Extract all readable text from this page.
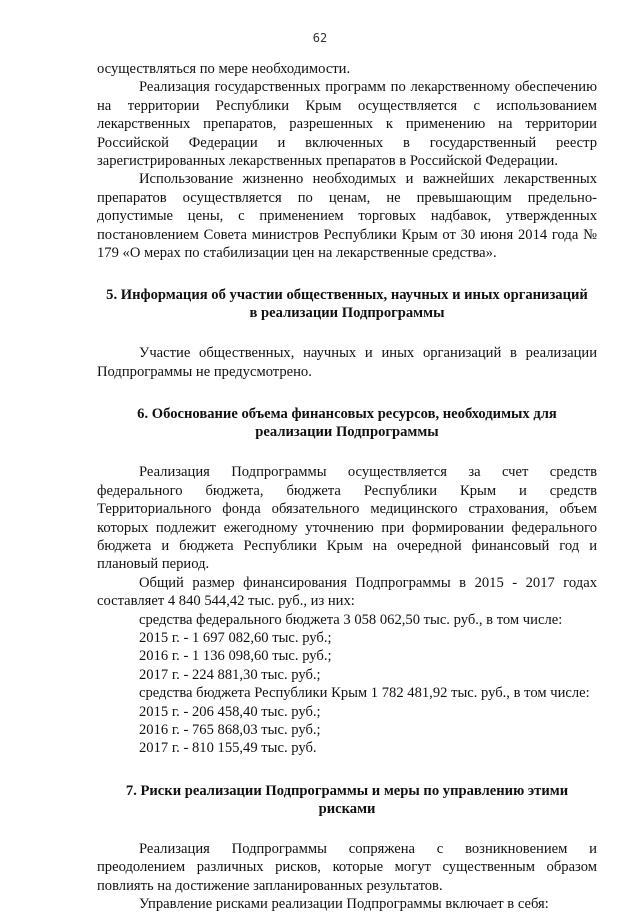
62

осуществляться по мере необходимости.

Реализация государственных программ по лекарственному обеспечению на территории Республики Крым осуществляется с использованием лекарственных препаратов, разрешенных к применению на территории Российской Федерации и включенных в государственный реестр зарегистрированных лекарственных препаратов в Российской Федерации.

Использование жизненно необходимых и важнейших лекарственных препаратов осуществляется по ценам, не превышающим предельно-допустимые цены, с применением торговых надбавок, утвержденных постановлением Совета министров Республики Крым от 30 июня 2014 года № 179 «О мерах по стабилизации цен на лекарственные средства».

5. Информация об участии общественных, научных и иных организаций
в реализации Подпрограммы

Участие общественных, научных и иных организаций в реализации Подпрограммы не предусмотрено.

6. Обоснование объема финансовых ресурсов, необходимых для
реализации Подпрограммы

Реализация Подпрограммы осуществляется за счет средств федерального бюджета, бюджета Республики Крым и средств Территориального фонда обязательного медицинского страхования, объем которых подлежит ежегодному уточнению при формировании федерального бюджета и бюджета Республики Крым на очередной финансовый год и плановый период.

Общий размер финансирования Подпрограммы в 2015 - 2017 годах составляет 4 840 544,42 тыс. руб., из них:

средства федерального бюджета 3 058 062,50 тыс. руб., в том числе:
2015 г. - 1 697 082,60 тыс. руб.;
2016 г. - 1 136 098,60 тыс. руб.;
2017 г. - 224 881,30 тыс. руб.;
средства бюджета Республики Крым 1 782 481,92 тыс. руб., в том числе:
2015 г. - 206 458,40 тыс. руб.;
2016 г. - 765 868,03 тыс. руб.;
2017 г. - 810 155,49 тыс. руб.
7. Риски реализации Подпрограммы и меры по управлению этими
рисками

Реализация Подпрограммы сопряжена с возникновением и преодолением различных рисков, которые могут существенным образом повлиять на достижение запланированных результатов.

Управление рисками реализации Подпрограммы включает в себя:
